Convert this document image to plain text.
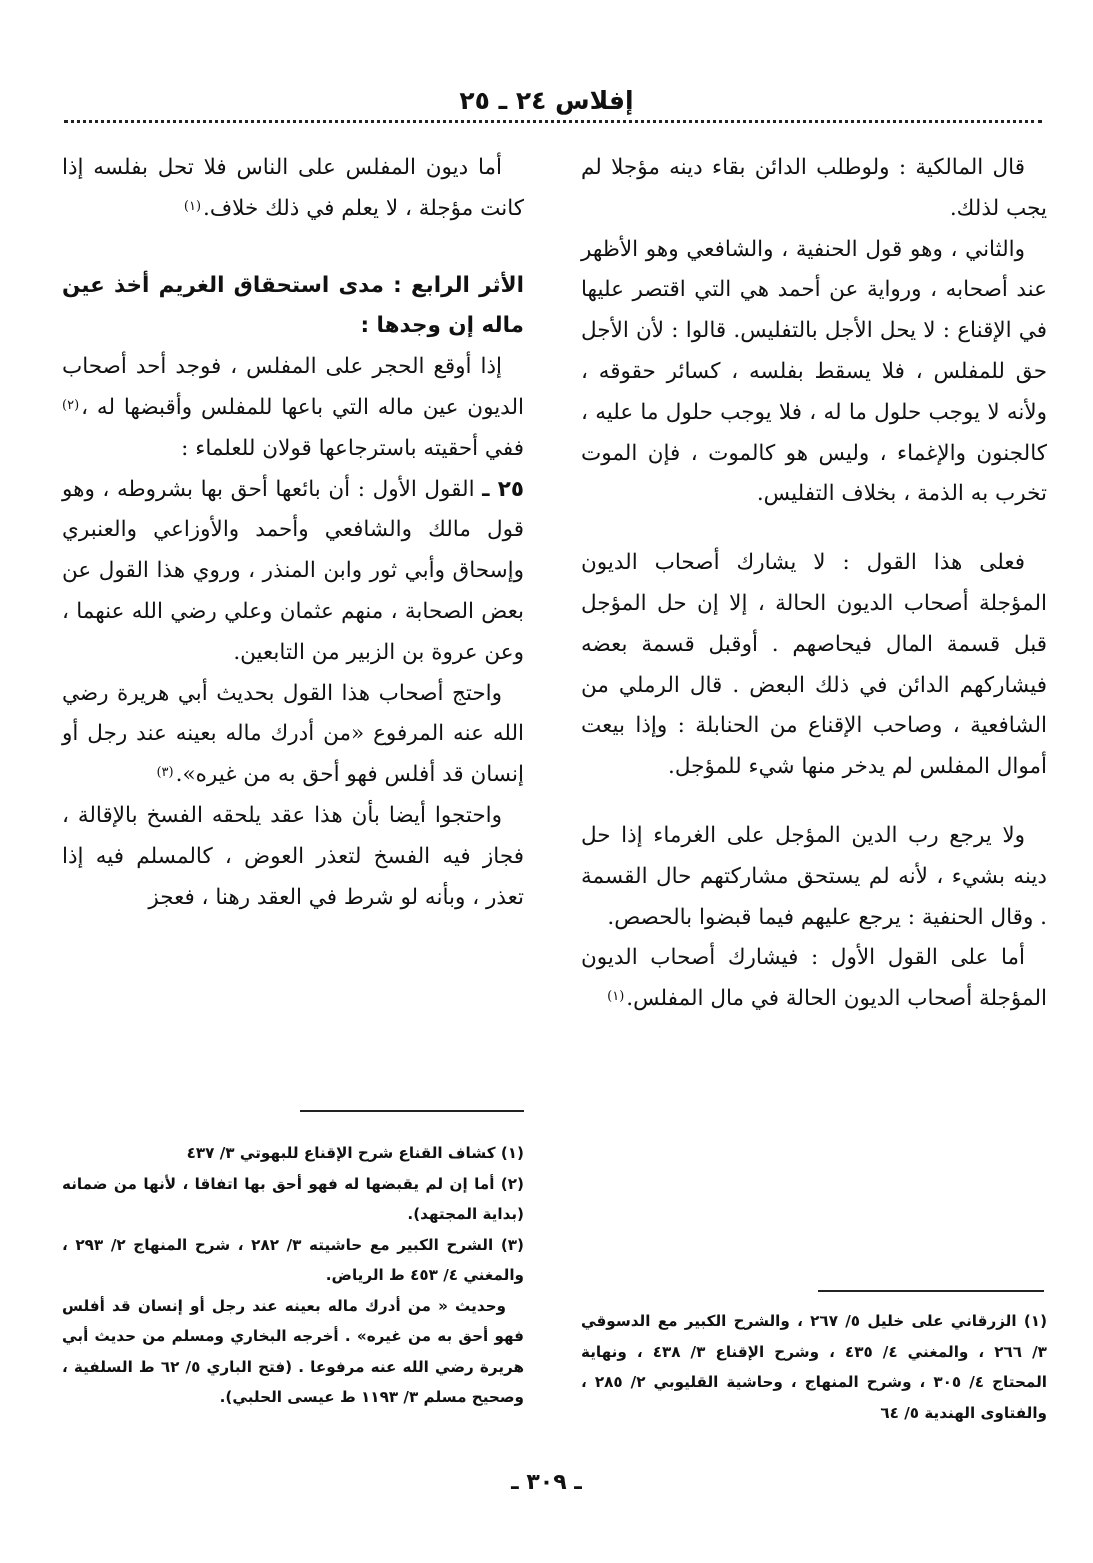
إفلاس ٢٤ ـ ٢٥

قال المالكية : ولوطلب الدائن بقاء دينه مؤجلا لم يجب لذلك.

والثاني ، وهو قول الحنفية ، والشافعي وهو الأظهر عند أصحابه ، ورواية عن أحمد هي التي اقتصر عليها في الإقناع : لا يحل الأجل بالتفليس. قالوا : لأن الأجل حق للمفلس ، فلا يسقط بفلسه ، كسائر حقوقه ، ولأنه لا يوجب حلول ما له ، فلا يوجب حلول ما عليه ، كالجنون والإغماء ، وليس هو كالموت ، فإن الموت تخرب به الذمة ، بخلاف التفليس.

فعلى هذا القول : لا يشارك أصحاب الديون المؤجلة أصحاب الديون الحالة ، إلا إن حل المؤجل قبل قسمة المال فيحاصهم . أوقبل قسمة بعضه فيشاركهم الدائن في ذلك البعض . قال الرملي من الشافعية ، وصاحب الإقناع من الحنابلة : وإذا بيعت أموال المفلس لم يدخر منها شيء للمؤجل.

ولا يرجع رب الدين المؤجل على الغرماء إذا حل دينه بشيء ، لأنه لم يستحق مشاركتهم حال القسمة . وقال الحنفية : يرجع عليهم فيما قبضوا بالحصص.

أما على القول الأول : فيشارك أصحاب الديون المؤجلة أصحاب الديون الحالة في مال المفلس.$^{(١)}$

أما ديون المفلس على الناس فلا تحل بفلسه إذا كانت مؤجلة ، لا يعلم في ذلك خلاف.$^{(١)}$

الأثر الرابع : مدى استحقاق الغريم أخذ عين ماله إن وجدها :

إذا أوقع الحجر على المفلس ، فوجد أحد أصحاب الديون عين ماله التي باعها للمفلس وأقبضها له ،$^{(٢)}$ ففي أحقيته باسترجاعها قولان للعلماء :

٢٥ ـ القول الأول : أن بائعها أحق بها بشروطه ، وهو قول مالك والشافعي وأحمد والأوزاعي والعنبري وإسحاق وأبي ثور وابن المنذر ، وروي هذا القول عن بعض الصحابة ، منهم عثمان وعلي رضي الله عنهما ، وعن عروة بن الزبير من التابعين.

واحتج أصحاب هذا القول بحديث أبي هريرة رضي الله عنه المرفوع «من أدرك ماله بعينه عند رجل أو إنسان قد أفلس فهو أحق به من غيره».$^{(٣)}$

واحتجوا أيضا بأن هذا عقد يلحقه الفسخ بالإقالة ، فجاز فيه الفسخ لتعذر العوض ، كالمسلم فيه إذا تعذر ، وبأنه لو شرط في العقد رهنا ، فعجز

(١) كشاف القناع شرح الإقناع للبهوتي ٣/ ٤٣٧

(٢) أما إن لم يقبضها له فهو أحق بها اتفاقا ، لأنها من ضمانه (بداية المجتهد).

(٣) الشرح الكبير مع حاشيته ٣/ ٢٨٢ ، شرح المنهاج ٢/ ٢٩٣ ، والمغني ٤/ ٤٥٣ ط الرياض.

وحديث « من أدرك ماله بعينه عند رجل أو إنسان قد أفلس فهو أحق به من غيره» . أخرجه البخاري ومسلم من حديث أبي هريرة رضي الله عنه مرفوعا . (فتح الباري ٥/ ٦٢ ط السلفية ، وصحيح مسلم ٣/ ١١٩٣ ط عيسى الحلبي).

(١) الزرقاني على خليل ٥/ ٢٦٧ ، والشرح الكبير مع الدسوقي ٣/ ٢٦٦ ، والمغني ٤/ ٤٣٥ ، وشرح الإقناع ٣/ ٤٣٨ ، ونهاية المحتاج ٤/ ٣٠٥ ، وشرح المنهاج ، وحاشية القليوبي ٢/ ٢٨٥ ، والفتاوى الهندية ٥/ ٦٤

ـ ٣٠٩ ـ
